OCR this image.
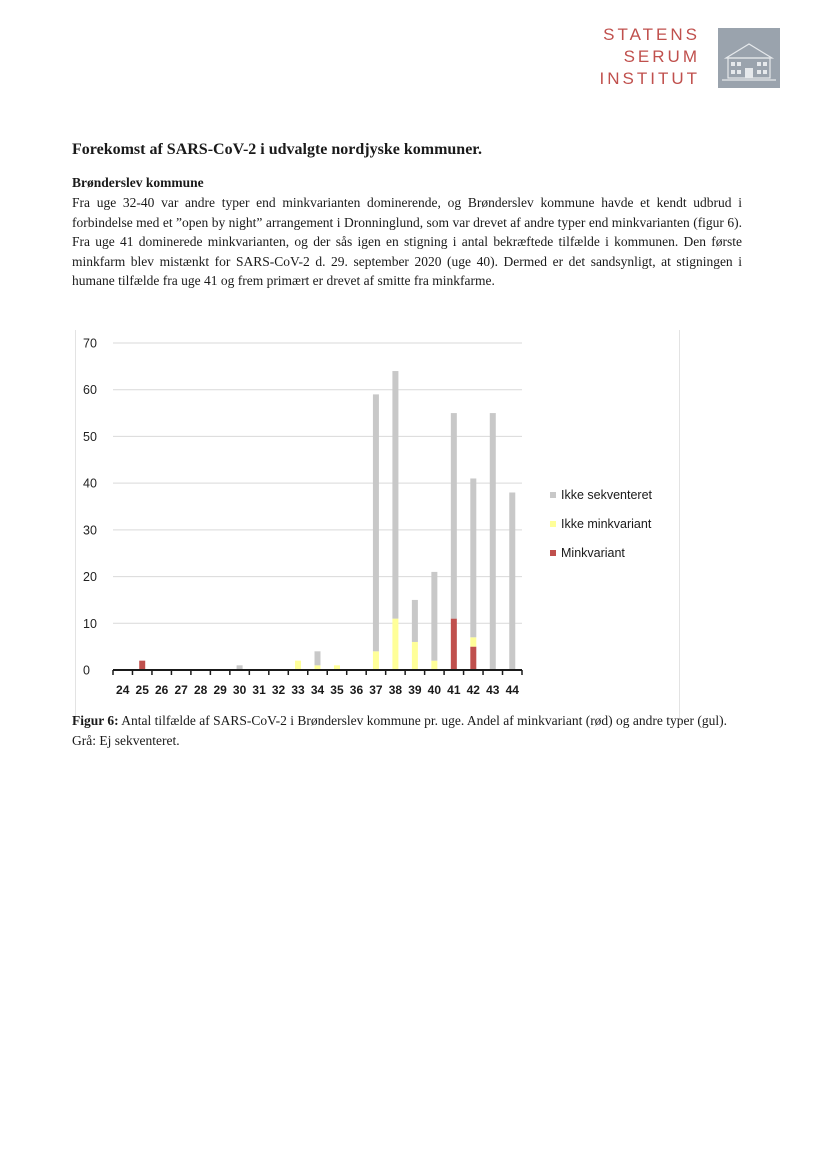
STATENS
SERUM
INSTITUT
Forekomst af SARS-CoV-2 i udvalgte nordjyske kommuner.
Brønderslev kommune

Fra uge 32-40 var andre typer end minkvarianten dominerende, og Brønderslev kommune havde et kendt udbrud i forbindelse med et ”open by night” arrangement i Dronninglund, som var drevet af andre typer end minkvarianten (figur 6). Fra uge 41 dominerede minkvarianten, og der sås igen en stigning i antal bekræftede tilfælde i kommunen. Den første minkfarm blev mistænkt for SARS-CoV-2 d. 29. september 2020 (uge 40). Dermed er det sandsynligt, at stigningen i humane tilfælde fra uge 41 og frem primært er drevet af smitte fra minkfarme.

0
10
20
30
40
50
60
70
24 25 26 27 28 29 30 31 32 33 34 35 36 37 38 39 40 41 42 43 44
Ikke sekventeret
Ikke minkvariant
Minkvariant

Figur 6: Antal tilfælde af SARS-CoV-2 i Brønderslev kommune pr. uge. Andel af minkvariant (rød) og andre typer (gul). Grå: Ej sekventeret.
